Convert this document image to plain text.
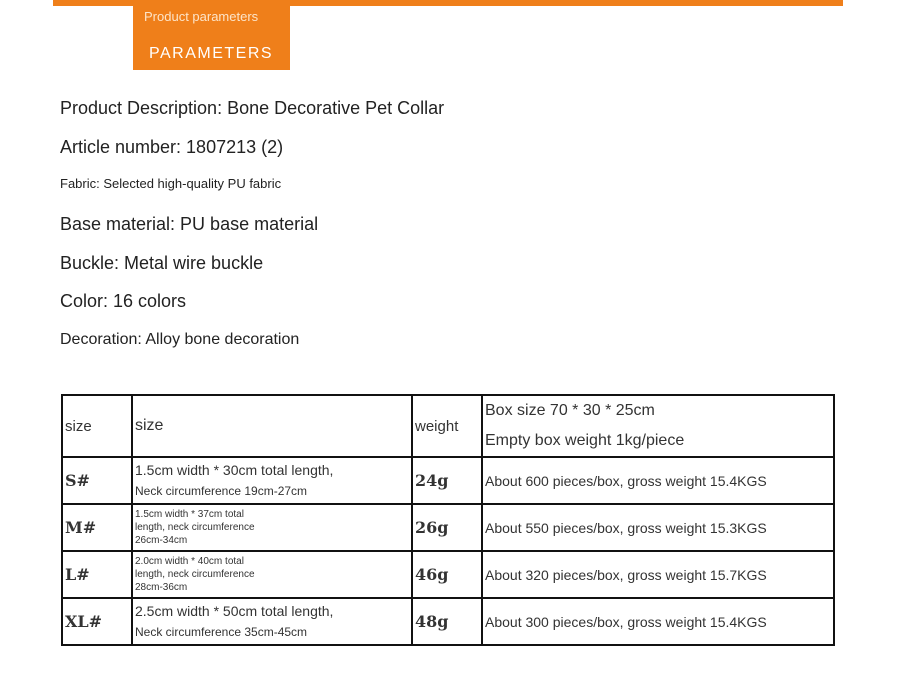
Product parameters
PARAMETERS
Product Description: Bone Decorative Pet Collar
Article number: 1807213 (2)
Fabric: Selected high-quality PU fabric
Base material: PU base material
Buckle: Metal wire buckle
Color: 16 colors
Decoration: Alloy bone decoration
size	size	weight	Box size 70 * 30 * 25cm
Empty box weight 1kg/piece

S#	1.5cm width * 30cm total length,
Neck circumference 19cm-27cm	24g	About 600 pieces/box, gross weight 15.4KGS
M#	1.5cm width * 37cm total
length, neck circumference
26cm-34cm	26g	About 550 pieces/box, gross weight 15.3KGS
L#	2.0cm width * 40cm total
length, neck circumference
28cm-36cm	46g	About 320 pieces/box, gross weight 15.7KGS
XL#	2.5cm width * 50cm total length,
Neck circumference 35cm-45cm	48g	About 300 pieces/box, gross weight 15.4KGS
